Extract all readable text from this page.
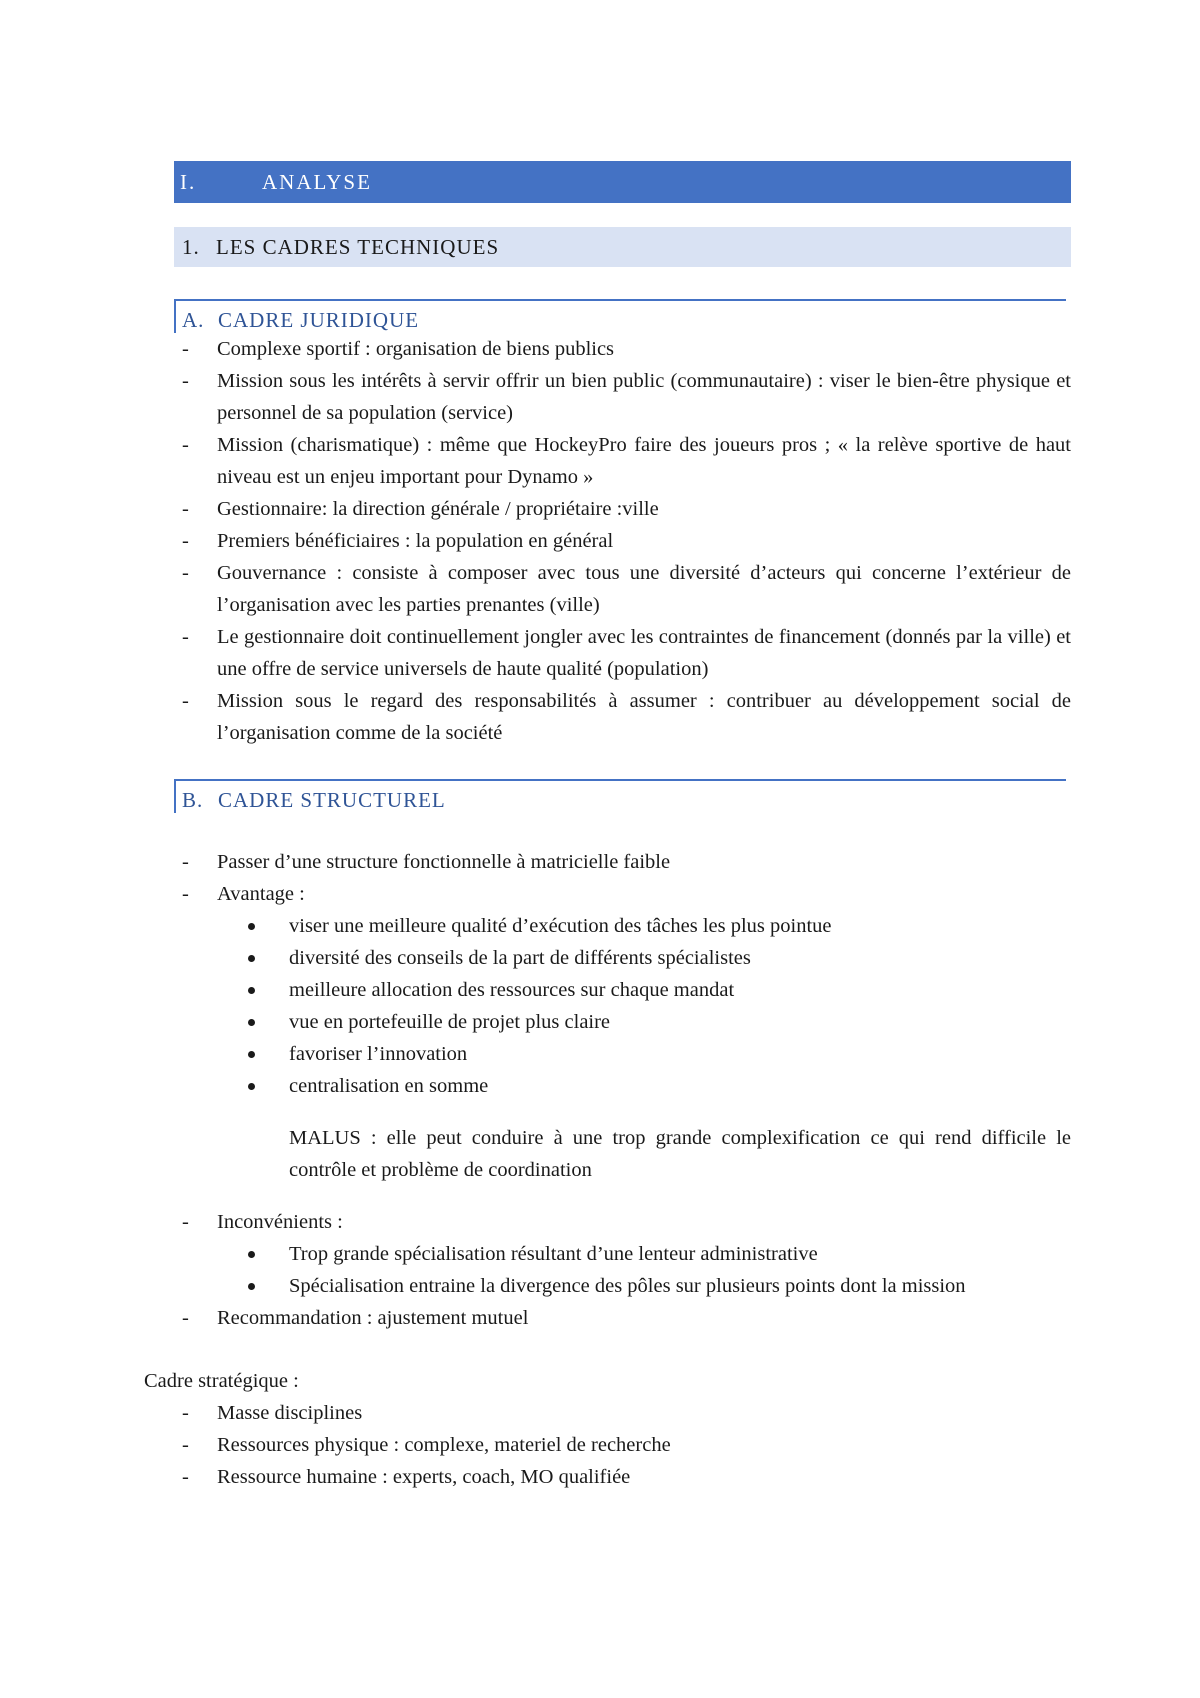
I.	ANALYSE
1. LES CADRES TECHNIQUES
A. CADRE JURIDIQUE
- Complexe sportif : organisation de biens publics
- Mission sous les intérêts à servir offrir un bien public (communautaire) : viser le bien-être physique et personnel de sa population (service)
- Mission (charismatique) : même que HockeyPro faire des joueurs pros ; « la relève sportive de haut niveau est un enjeu important pour Dynamo »
- Gestionnaire: la direction générale / propriétaire :ville
- Premiers bénéficiaires : la population en général
- Gouvernance : consiste à composer avec tous une diversité d’acteurs qui concerne l’extérieur de l’organisation avec les parties prenantes (ville)
- Le gestionnaire doit continuellement jongler avec les contraintes de financement (donnés par la ville) et une offre de service universels de haute qualité (population)
- Mission sous le regard des responsabilités à assumer : contribuer au développement social de l’organisation comme de la société
B. CADRE STRUCTUREL
- Passer d’une structure fonctionnelle à matricielle faible
- Avantage :
viser une meilleure qualité d’exécution des tâches les plus pointue
diversité des conseils de la part de différents spécialistes
meilleure allocation des ressources sur chaque mandat
vue en portefeuille de projet plus claire
favoriser l’innovation
centralisation en somme
MALUS : elle peut conduire à une trop grande complexification ce qui rend difficile le contrôle et problème de coordination
- Inconvénients :
Trop grande spécialisation résultant d’une lenteur administrative
Spécialisation entraine la divergence des pôles sur plusieurs points dont la mission
- Recommandation : ajustement mutuel
Cadre stratégique :
- Masse disciplines
- Ressources physique : complexe, materiel de recherche
- Ressource humaine : experts, coach, MO qualifiée
